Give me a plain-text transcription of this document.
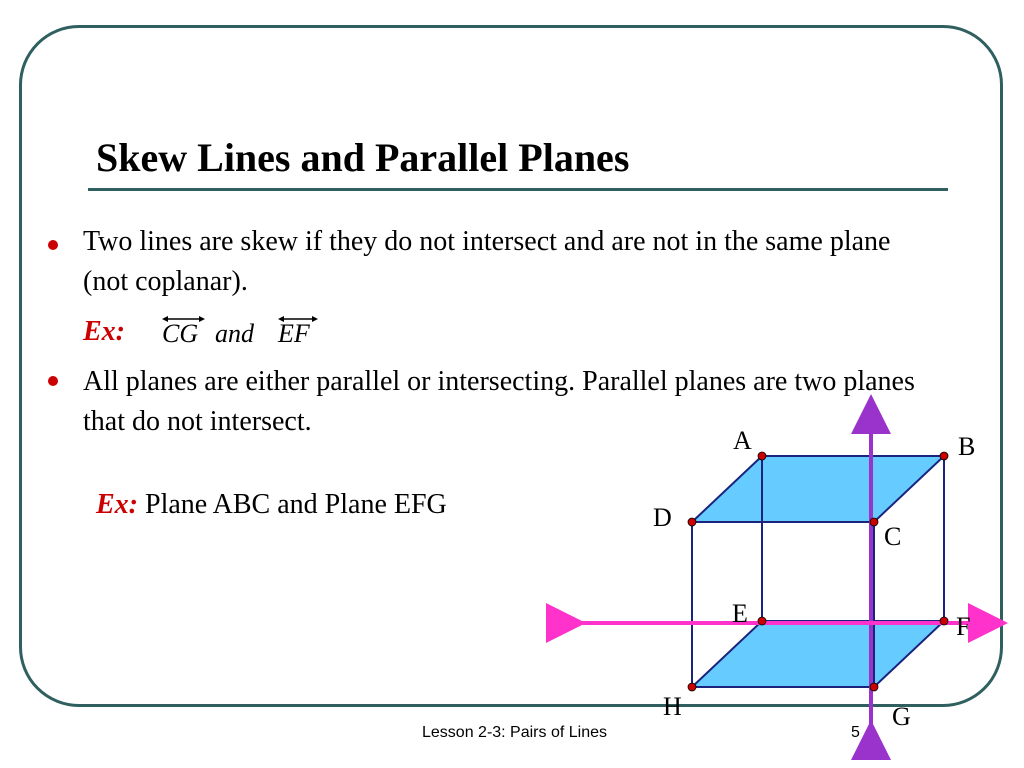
Skew Lines and Parallel Planes
Two lines are skew if they do not intersect and are not in the same plane (not coplanar).
Ex: CG and EF
All planes are either parallel or intersecting. Parallel planes are two planes that do not intersect.
Ex: Plane ABC and Plane EFG
A	B
C
D
E	F
G
H
Lesson 2-3: Pairs of Lines	5
